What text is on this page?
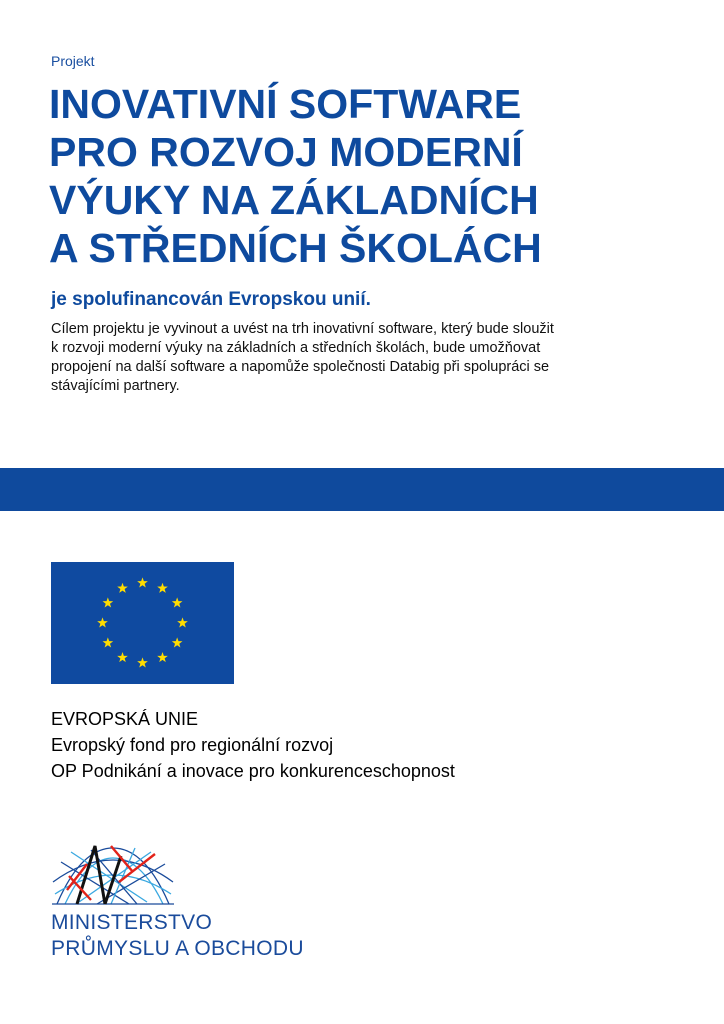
Projekt
INOVATIVNÍ SOFTWARE
PRO ROZVOJ MODERNÍ
VÝUKY NA ZÁKLADNÍCH
A STŘEDNÍCH ŠKOLÁCH
je spolufinancován Evropskou unií.
Cílem projektu je vyvinout a uvést na trh inovativní software, který bude sloužit
k rozvoji moderní výuky na základních a středních školách, bude umožňovat
propojení na další software a napomůže společnosti Databig při spolupráci se
stávajícími partnery.
EVROPSKÁ UNIE
Evropský fond pro regionální rozvoj
OP Podnikání a inovace pro konkurenceschopnost
MINISTERSTVO
PRŮMYSLU A OBCHODU
